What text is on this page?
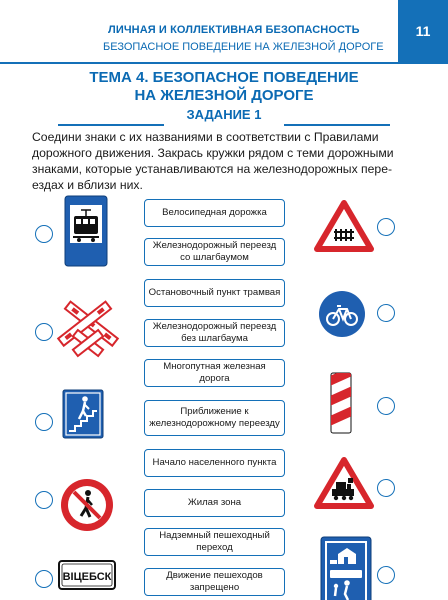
ЛИЧНАЯ И КОЛЛЕКТИВНАЯ БЕЗОПАСНОСТЬ
БЕЗОПАСНОЕ ПОВЕДЕНИЕ НА ЖЕЛЕЗНОЙ ДОРОГЕ
11
ТЕМА 4. БЕЗОПАСНОЕ ПОВЕДЕНИЕ
НА ЖЕЛЕЗНОЙ ДОРОГЕ
ЗАДАНИЕ 1
Соедини знаки с их названиями в соответствии с Правилами
дорожного движения. Закрась кружки рядом с теми дорожными
знаками, которые устанавливаются на железнодорожных пере-
ездах и вблизи них.
Велосипедная дорожка
Железнодорожный переезд со шлагбаумом
Остановочный пункт трамвая
Железнодорожный переезд без шлагбаума
Многопутная железная дорога
Приближение к железнодорожному переезду
Начало населенного пункта
Жилая зона
Надземный пешеходный переход
Движение пешеходов запрещено
ВІЦЕБСК
